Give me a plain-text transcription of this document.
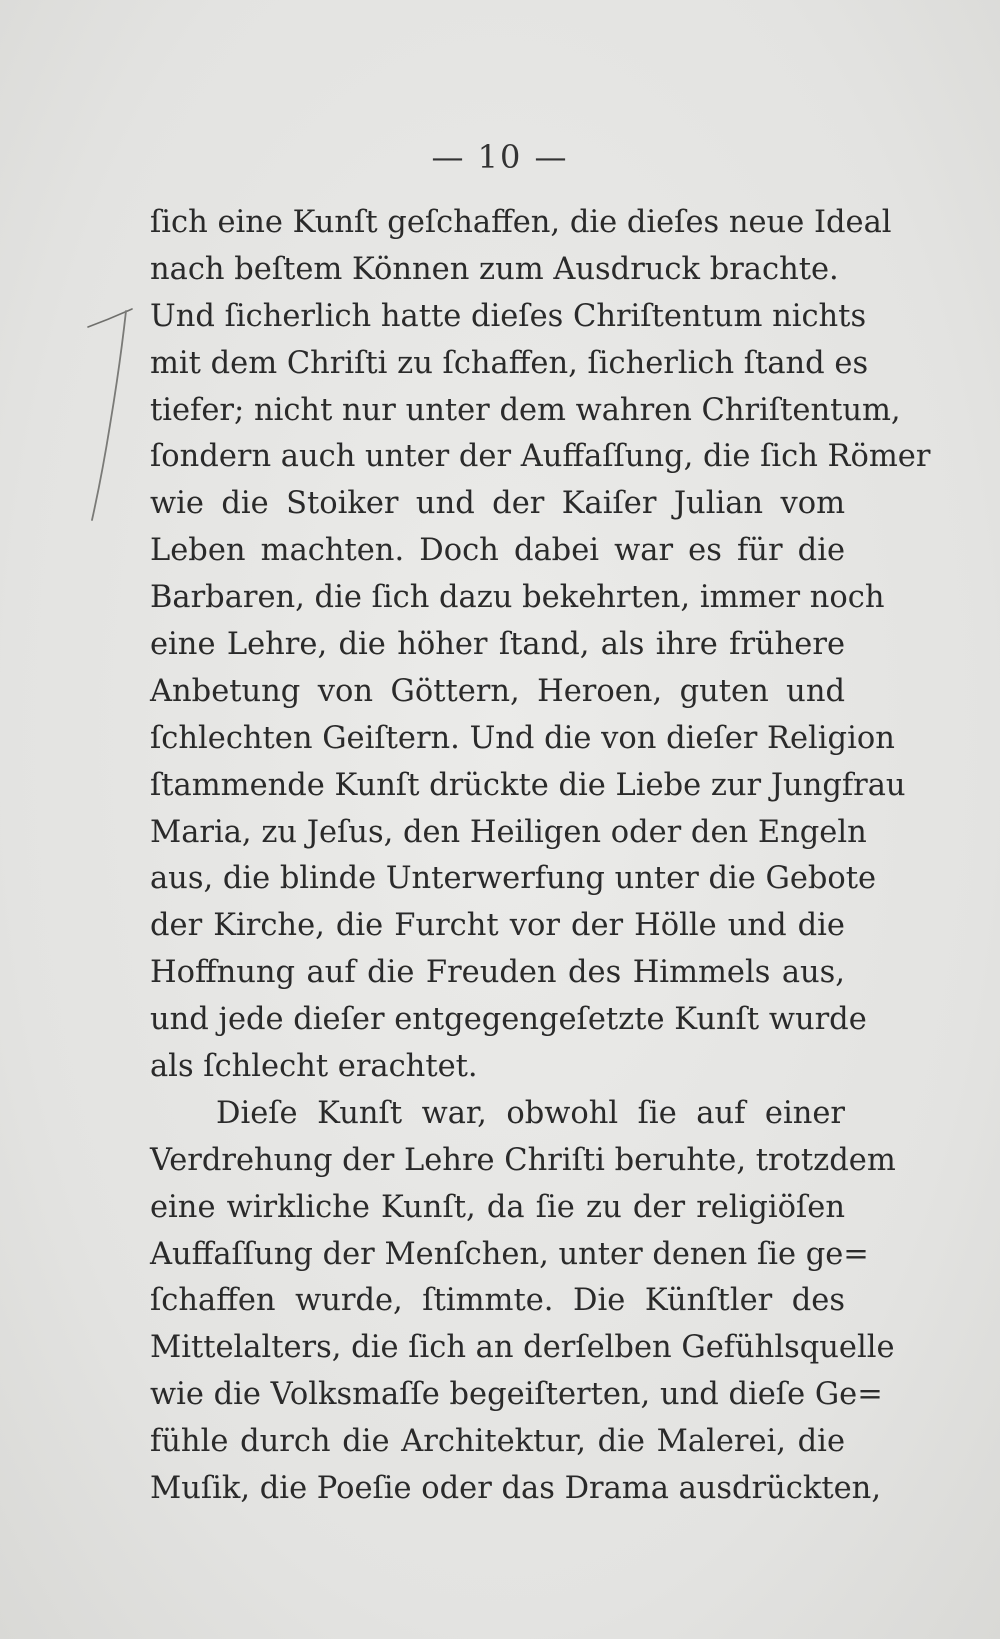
— 10 —
ſich eine Kunſt geſchaffen, die dieſes neue Ideal
nach beſtem Können zum Ausdruck brachte.
Und ſicherlich hatte dieſes Chriſtentum nichts
mit dem Chriſti zu ſchaffen, ſicherlich ſtand es
tiefer; nicht nur unter dem wahren Chriſtentum,
ſondern auch unter der Auffaſſung, die ſich Römer
wie die Stoiker und der Kaiſer Julian vom
Leben machten. Doch dabei war es für die
Barbaren, die ſich dazu bekehrten, immer noch
eine Lehre, die höher ſtand, als ihre frühere
Anbetung von Göttern, Heroen, guten und
ſchlechten Geiſtern. Und die von dieſer Religion
ſtammende Kunſt drückte die Liebe zur Jungfrau
Maria, zu Jeſus, den Heiligen oder den Engeln
aus, die blinde Unterwerfung unter die Gebote
der Kirche, die Furcht vor der Hölle und die
Hoffnung auf die Freuden des Himmels aus,
und jede dieſer entgegengeſetzte Kunſt wurde
als ſchlecht erachtet.
Dieſe Kunſt war, obwohl ſie auf einer
Verdrehung der Lehre Chriſti beruhte, trotzdem
eine wirkliche Kunſt, da ſie zu der religiöſen
Auffaſſung der Menſchen, unter denen ſie ge=
ſchaffen wurde, ſtimmte. Die Künſtler des
Mittelalters, die ſich an derſelben Gefühlsquelle
wie die Volksmaſſe begeiſterten, und dieſe Ge=
fühle durch die Architektur, die Malerei, die
Muſik, die Poeſie oder das Drama ausdrückten,
